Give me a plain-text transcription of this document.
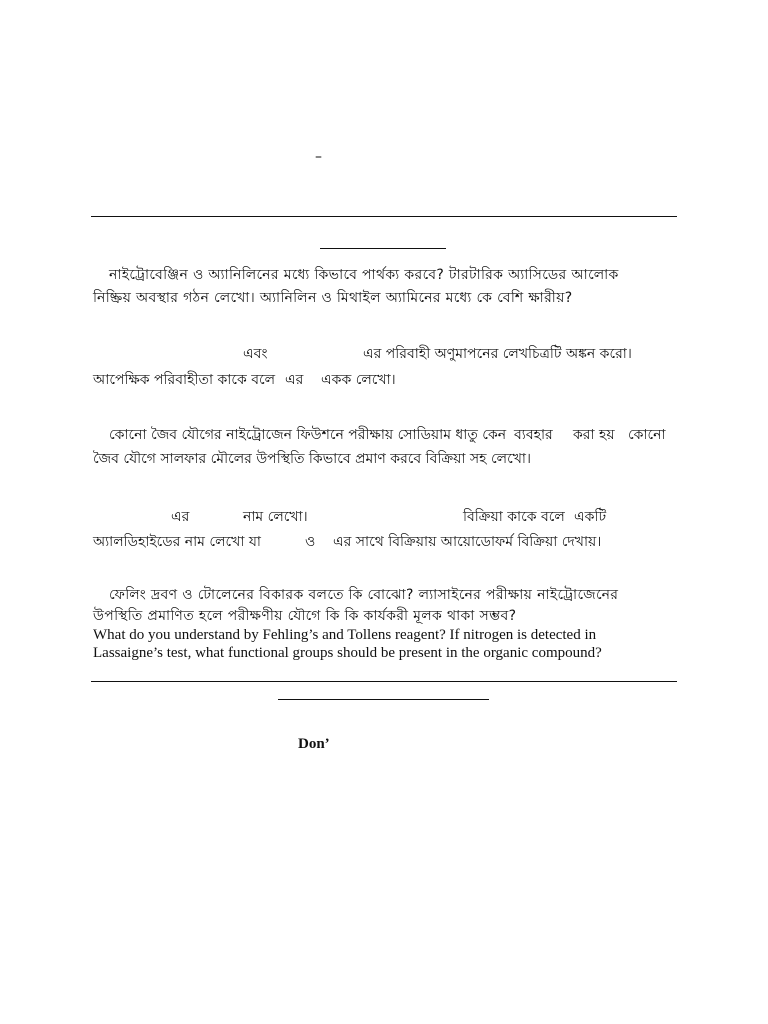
–
নাইট্রোবেঞ্জিন ও অ্যানিলিনের মধ্যে কিভাবে পার্থক্য করবে? টারটারিক অ্যাসিডের আলোক
নিষ্ক্রিয় অবস্থার গঠন লেখো। অ্যানিলিন ও মিথাইল অ্যামিনের মধ্যে কে বেশি ক্ষারীয়?
এবং	এর পরিবাহী অণুমাপনের লেখচিত্রটি অঙ্কন করো।
আপেক্ষিক পরিবাহীতা কাকে বলে এর একক লেখো।
কোনো জৈব যৌগের নাইট্রোজেন ফিউশনে পরীক্ষায় সোডিয়াম ধাতু কেন ব্যবহার করা হয় কোনো
জৈব যৌগে সালফার মৌলের উপস্থিতি কিভাবে প্রমাণ করবে বিক্রিয়া সহ লেখো।
এর	নাম লেখো।	বিক্রিয়া কাকে বলে একটি
অ্যালডিহাইডের নাম লেখো যা	ও এর সাথে বিক্রিয়ায় আয়োডোফর্ম বিক্রিয়া দেখায়।
ফেলিং দ্রবণ ও টোলেনের বিকারক বলতে কি বোঝো? ল্যাসাইনের পরীক্ষায় নাইট্রোজেনের
উপস্থিতি প্রমাণিত হলে পরীক্ষণীয় যৌগে কি কি কার্যকরী মূলক থাকা সম্ভব?
What do you understand by Fehling’s and Tollens reagent? If nitrogen is detected in
Lassaigne’s test, what functional groups should be present in the organic compound?
Don’
